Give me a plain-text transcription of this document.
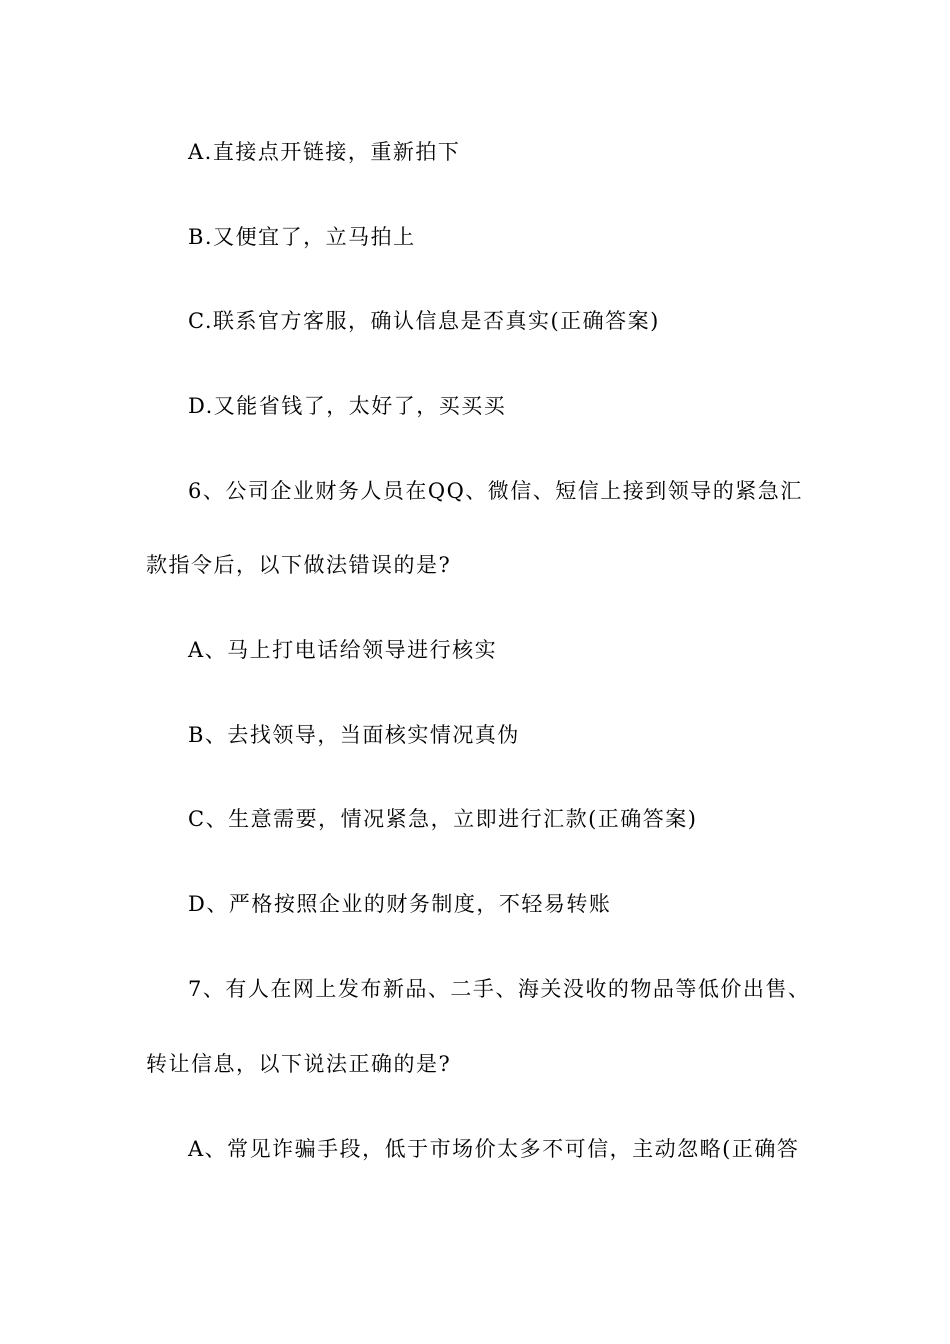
A.直接点开链接，重新拍下
B.又便宜了，立马拍上
C.联系官方客服，确认信息是否真实(正确答案)
D.又能省钱了，太好了，买买买
6、公司企业财务人员在QQ、微信、短信上接到领导的紧急汇
款指令后，以下做法错误的是?
A、马上打电话给领导进行核实
B、去找领导，当面核实情况真伪
C、生意需要，情况紧急，立即进行汇款(正确答案)
D、严格按照企业的财务制度，不轻易转账
7、有人在网上发布新品、二手、海关没收的物品等低价出售、
转让信息，以下说法正确的是?
A、常见诈骗手段，低于市场价太多不可信，主动忽略(正确答
